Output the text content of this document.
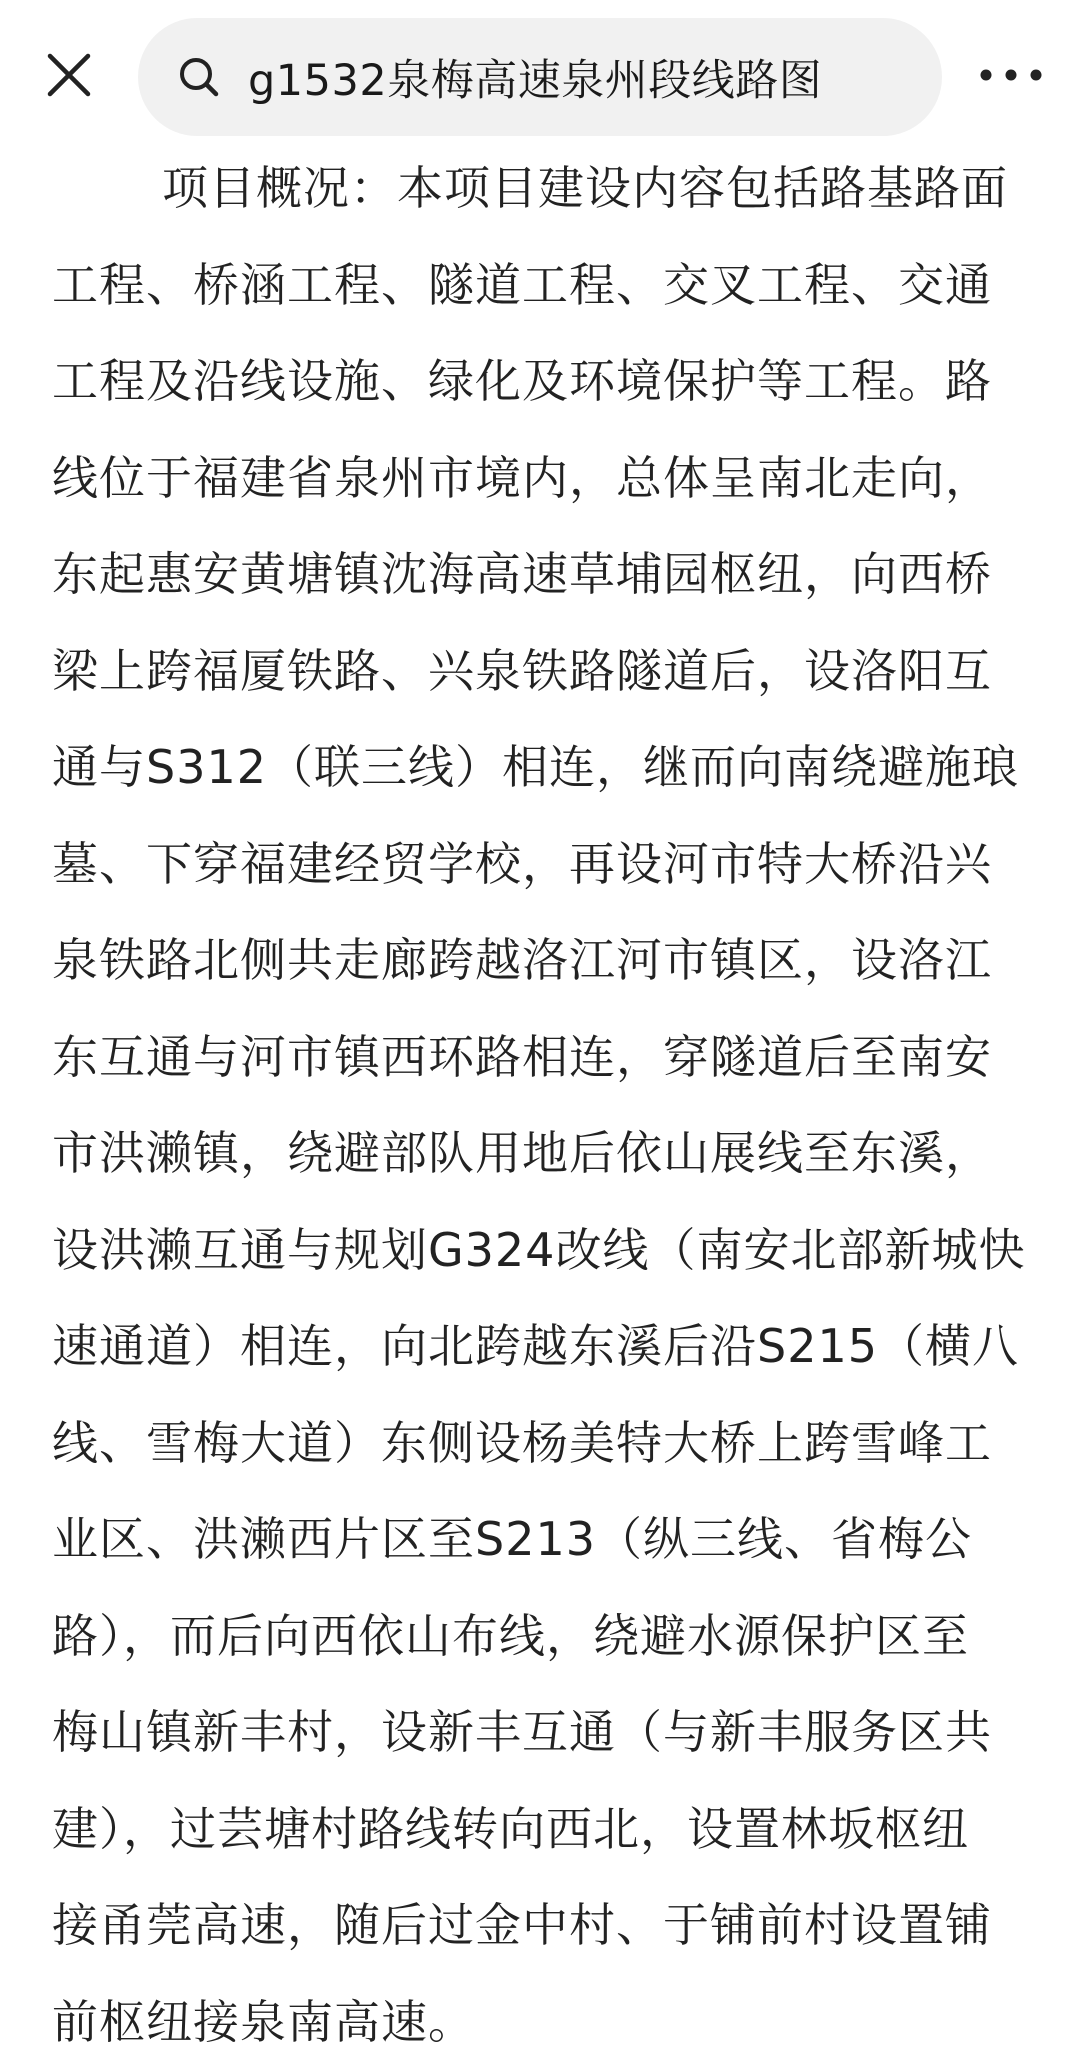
g1532泉梅高速泉州段线路图
项目概况：本项目建设内容包括路基路面
工程、桥涵工程、隧道工程、交叉工程、交通
工程及沿线设施、绿化及环境保护等工程。路
线位于福建省泉州市境内，总体呈南北走向，
东起惠安黄塘镇沈海高速草埔园枢纽，向西桥
梁上跨福厦铁路、兴泉铁路隧道后，设洛阳互
通与S312（联三线）相连，继而向南绕避施琅
墓、下穿福建经贸学校，再设河市特大桥沿兴
泉铁路北侧共走廊跨越洛江河市镇区，设洛江
东互通与河市镇西环路相连，穿隧道后至南安
市洪濑镇，绕避部队用地后依山展线至东溪，
设洪濑互通与规划G324改线（南安北部新城快
速通道）相连，向北跨越东溪后沿S215（横八
线、雪梅大道）东侧设杨美特大桥上跨雪峰工
业区、洪濑西片区至S213（纵三线、省梅公
路），而后向西依山布线，绕避水源保护区至
梅山镇新丰村，设新丰互通（与新丰服务区共
建），过芸塘村路线转向西北，设置林坂枢纽
接甬莞高速，随后过金中村、于铺前村设置铺
前枢纽接泉南高速。
